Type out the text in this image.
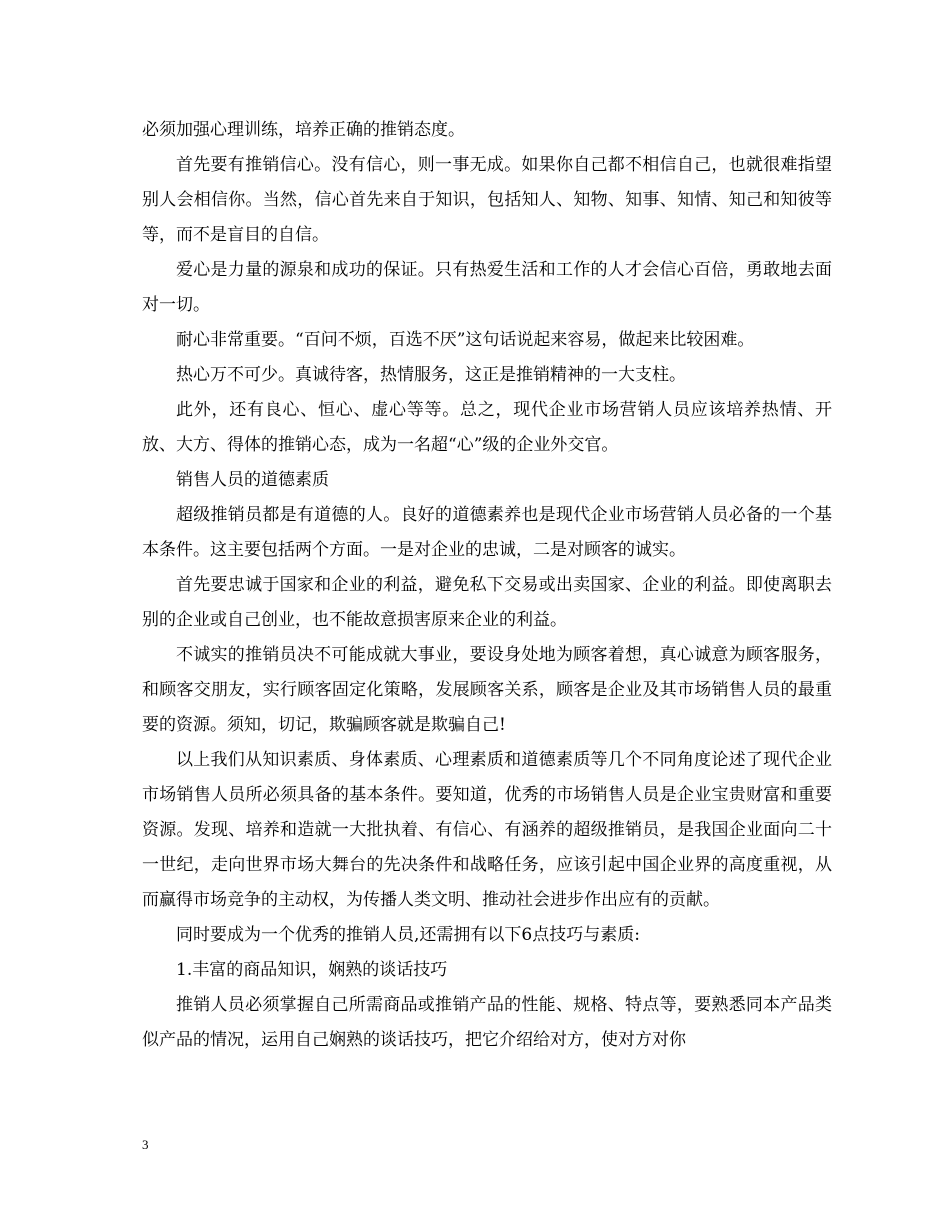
必须加强心理训练，培养正确的推销态度。

首先要有推销信心。没有信心，则一事无成。如果你自己都不相信自己，也就很难指望别人会相信你。当然，信心首先来自于知识，包括知人、知物、知事、知情、知己和知彼等等，而不是盲目的自信。

爱心是力量的源泉和成功的保证。只有热爱生活和工作的人才会信心百倍，勇敢地去面对一切。

耐心非常重要。“百问不烦，百选不厌”这句话说起来容易，做起来比较困难。

热心万不可少。真诚待客，热情服务，这正是推销精神的一大支柱。

此外，还有良心、恒心、虚心等等。总之，现代企业市场营销人员应该培养热情、开放、大方、得体的推销心态，成为一名超“心”级的企业外交官。

销售人员的道德素质

超级推销员都是有道德的人。良好的道德素养也是现代企业市场营销人员必备的一个基本条件。这主要包括两个方面。一是对企业的忠诚，二是对顾客的诚实。

首先要忠诚于国家和企业的利益，避免私下交易或出卖国家、企业的利益。即使离职去别的企业或自己创业，也不能故意损害原来企业的利益。

不诚实的推销员决不可能成就大事业，要设身处地为顾客着想，真心诚意为顾客服务，和顾客交朋友，实行顾客固定化策略，发展顾客关系，顾客是企业及其市场销售人员的最重要的资源。须知，切记，欺骗顾客就是欺骗自己!

以上我们从知识素质、身体素质、心理素质和道德素质等几个不同角度论述了现代企业市场销售人员所必须具备的基本条件。要知道，优秀的市场销售人员是企业宝贵财富和重要资源。发现、培养和造就一大批执着、有信心、有涵养的超级推销员，是我国企业面向二十一世纪，走向世界市场大舞台的先决条件和战略任务，应该引起中国企业界的高度重视，从而赢得市场竞争的主动权，为传播人类文明、推动社会进步作出应有的贡献。

同时要成为一个优秀的推销人员,还需拥有以下6点技巧与素质:

1.丰富的商品知识，娴熟的谈话技巧

推销人员必须掌握自己所需商品或推销产品的性能、规格、特点等，要熟悉同本产品类似产品的情况，运用自己娴熟的谈话技巧，把它介绍给对方，使对方对你

3
